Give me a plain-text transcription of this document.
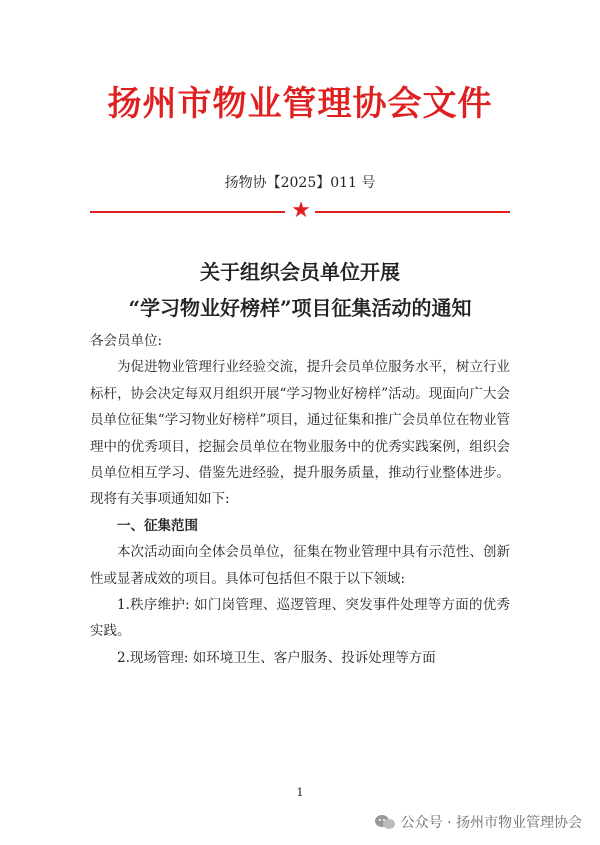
扬州市物业管理协会文件

扬物协【2025】011 号

★
关于组织会员单位开展
“学习物业好榜样”项目征集活动的通知

各会员单位:

为促进物业管理行业经验交流，提升会员单位服务水平，树立行业标杆，协会决定每双月组织开展“学习物业好榜样”活动。现面向广大会员单位征集“学习物业好榜样”项目，通过征集和推广会员单位在物业管理中的优秀项目，挖掘会员单位在物业服务中的优秀实践案例，组织会员单位相互学习、借鉴先进经验，提升服务质量，推动行业整体进步。现将有关事项通知如下:

一、征集范围

本次活动面向全体会员单位，征集在物业管理中具有示范性、创新性或显著成效的项目。具体可包括但不限于以下领域:

1.秩序维护: 如门岗管理、巡逻管理、突发事件处理等方面的优秀实践。

2.现场管理: 如环境卫生、客户服务、投诉处理等方面

1

公众号 · 扬州市物业管理协会
